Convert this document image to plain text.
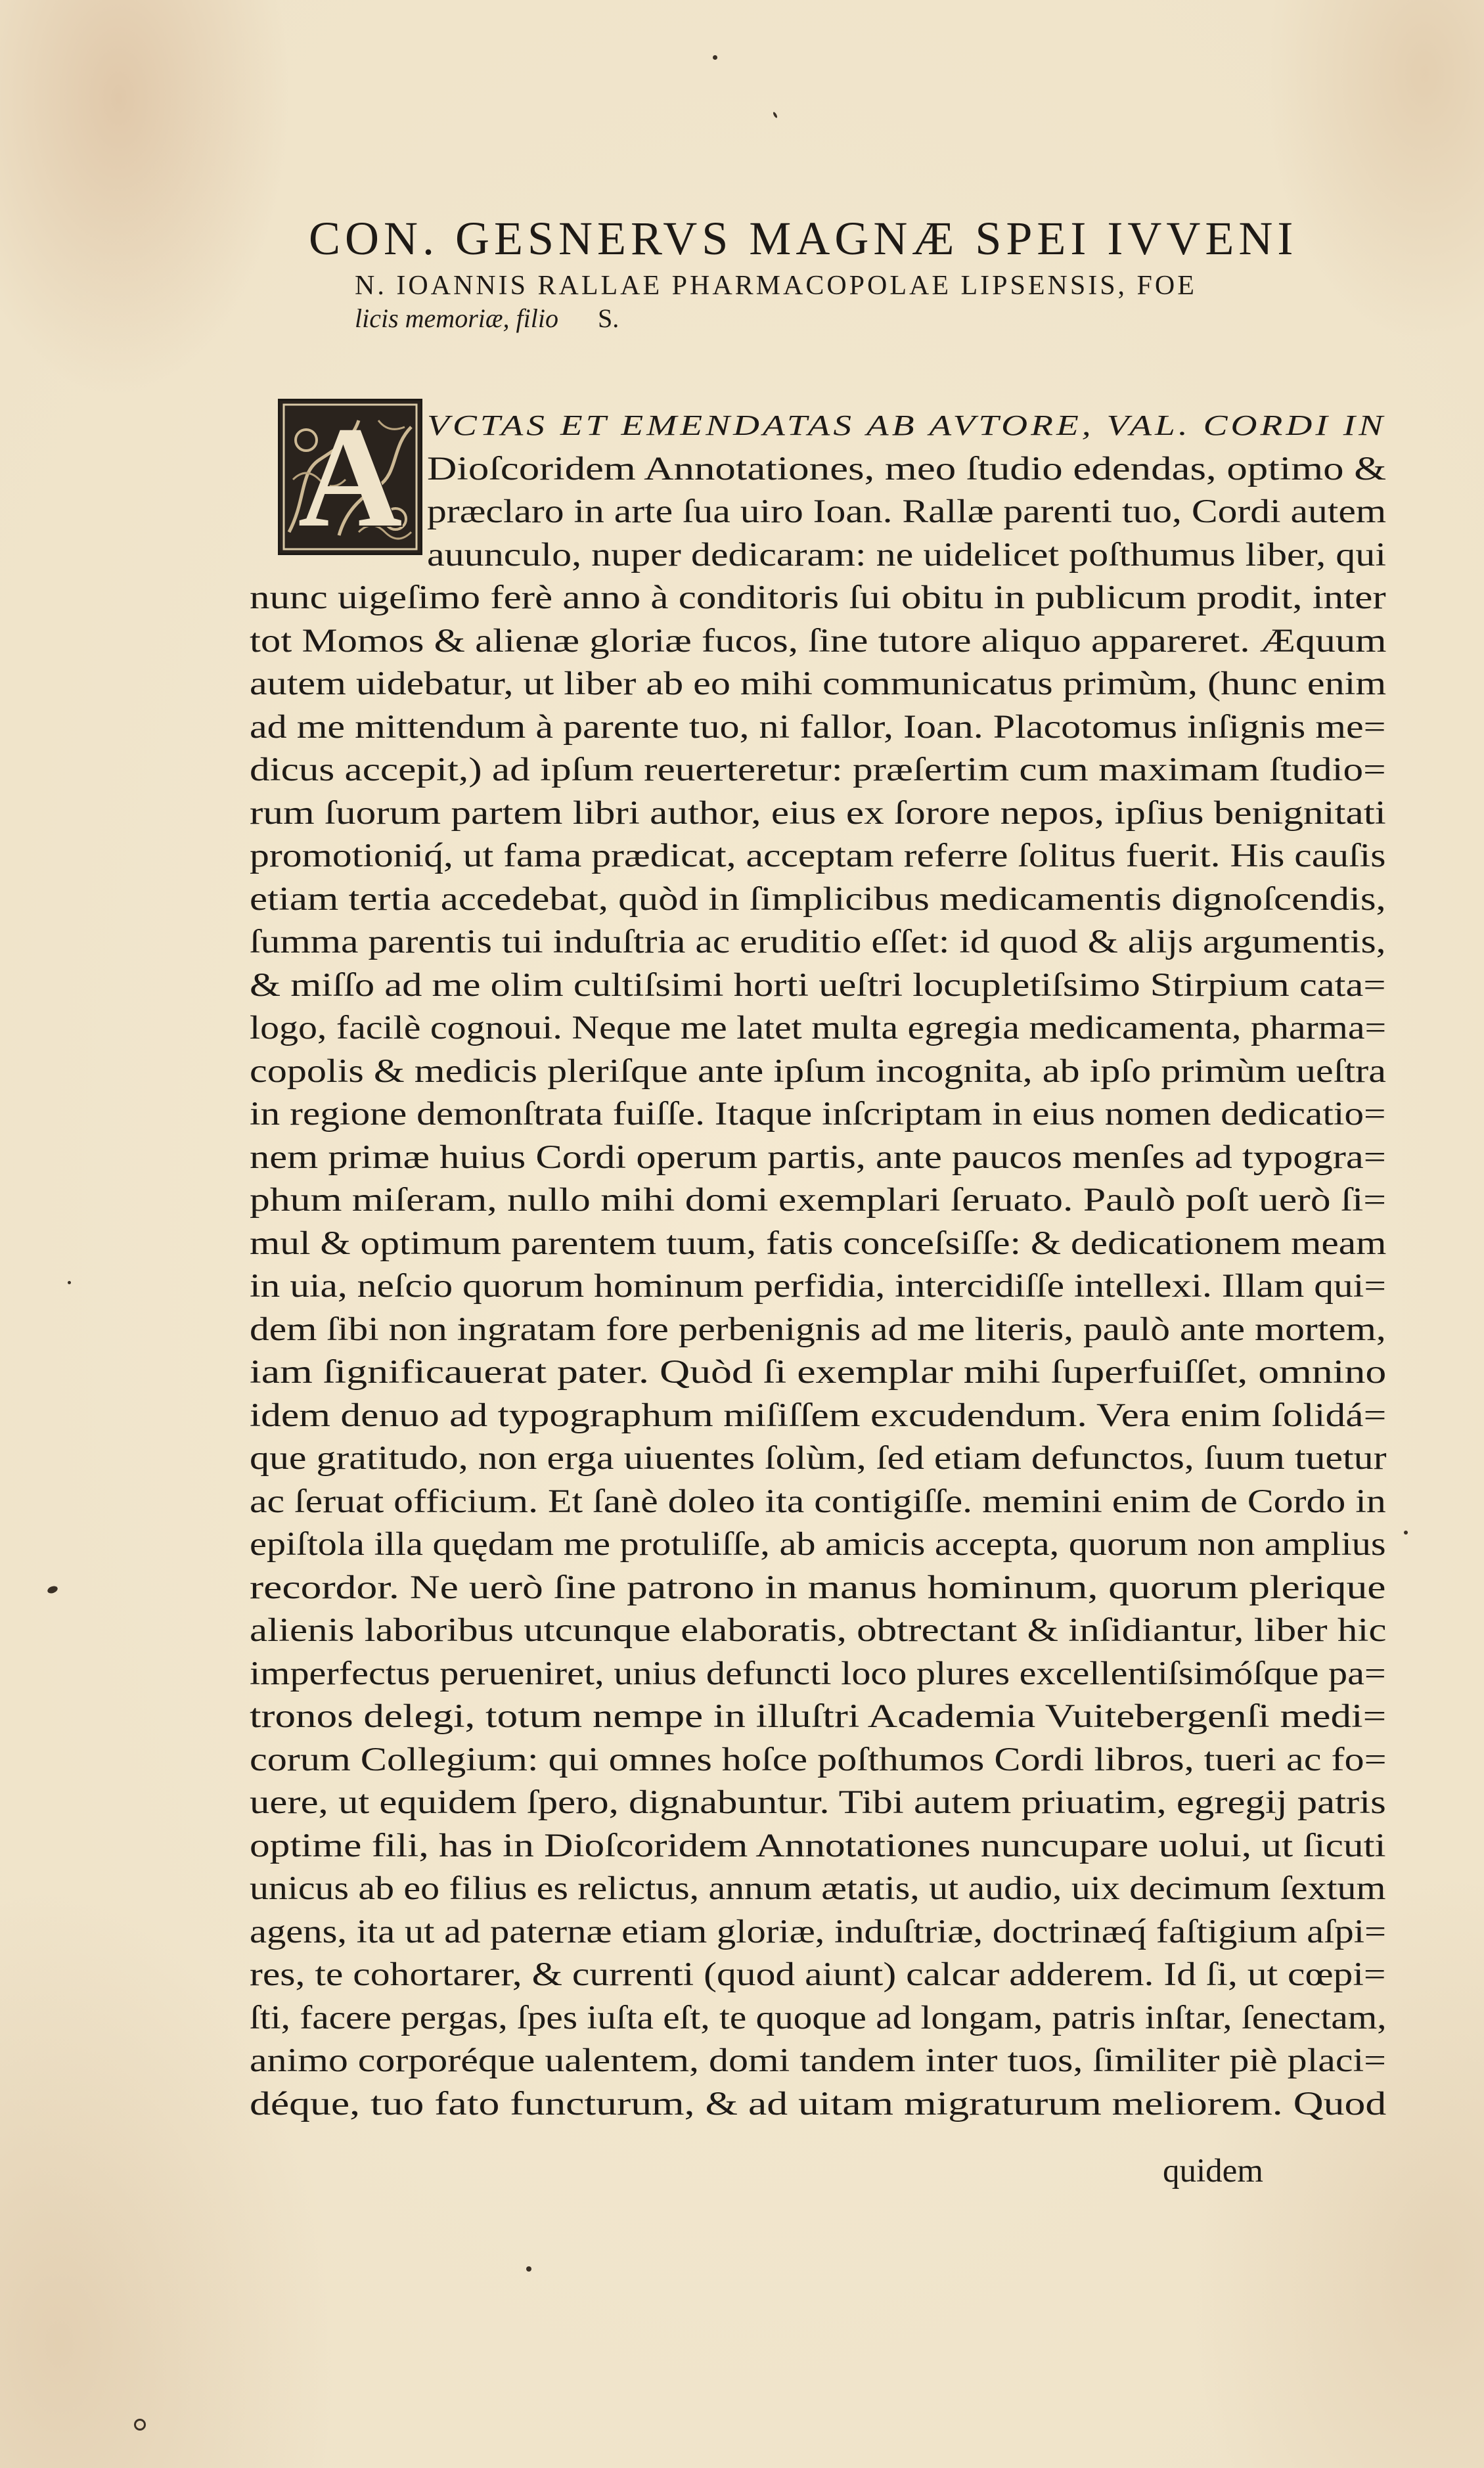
CON. GESNERVS MAGNÆ SPEI IVVENI
N. IOANNIS RALLAE PHARMACOPOLAE LIPSENSIS, FOE
licis memoriæ, filio S.
A VCTAS ET EMENDATAS AB AVTORE, VAL. CORDI IN
Dioſcoridem Annotationes, meo ſtudio edendas, optimo &
præclaro in arte ſua uiro Ioan. Rallæ parenti tuo, Cordi autem
auunculo, nuper dedicaram: ne uidelicet poſthumus liber, qui
nunc uigeſimo ferè anno à conditoris ſui obitu in publicum prodit, inter
tot Momos & alienæ gloriæ fucos, ſine tutore aliquo appareret. Æquum
autem uidebatur, ut liber ab eo mihi communicatus primùm, (hunc enim
ad me mittendum à parente tuo, ni fallor, Ioan. Placotomus inſignis me=
dicus accepit,) ad ipſum reuerteretur: præſertim cum maximam ſtudio=
rum ſuorum partem libri author, eius ex ſorore nepos, ipſius benignitati
promotioniq́, ut fama prædicat, acceptam referre ſolitus fuerit. His cauſis
etiam tertia accedebat, quòd in ſimplicibus medicamentis dignoſcendis,
ſumma parentis tui induſtria ac eruditio eſſet: id quod & alijs argumentis,
& miſſo ad me olim cultiſsimi horti ueſtri locupletiſsimo Stirpium cata=
logo, facilè cognoui. Neque me latet multa egregia medicamenta, pharma=
copolis & medicis pleriſque ante ipſum incognita, ab ipſo primùm ueſtra
in regione demonſtrata fuiſſe. Itaque inſcriptam in eius nomen dedicatio=
nem primæ huius Cordi operum partis, ante paucos menſes ad typogra=
phum miſeram, nullo mihi domi exemplari ſeruato. Paulò poſt uerò ſi=
mul & optimum parentem tuum, fatis conceſsiſſe: & dedicationem meam
in uia, neſcio quorum hominum perfidia, intercidiſſe intellexi. Illam qui=
dem ſibi non ingratam fore perbenignis ad me literis, paulò ante mortem,
iam ſignificauerat pater. Quòd ſi exemplar mihi ſuperfuiſſet, omnino
idem denuo ad typographum miſiſſem excudendum. Vera enim ſolidá=
que gratitudo, non erga uiuentes ſolùm, ſed etiam defunctos, ſuum tuetur
ac ſeruat officium. Et ſanè doleo ita contigiſſe. memini enim de Cordo in
epiſtola illa quędam me protuliſſe, ab amicis accepta, quorum non amplius
recordor. Ne uerò ſine patrono in manus hominum, quorum plerique
alienis laboribus utcunque elaboratis, obtrectant & inſidiantur, liber hic
imperfectus perueniret, unius defuncti loco plures excellentiſsimóſque pa=
tronos delegi, totum nempe in illuſtri Academia Vuitebergenſi medi=
corum Collegium: qui omnes hoſce poſthumos Cordi libros, tueri ac fo=
uere, ut equidem ſpero, dignabuntur. Tibi autem priuatim, egregij patris
optime fili, has in Dioſcoridem Annotationes nuncupare uolui, ut ſicuti
unicus ab eo filius es relictus, annum ætatis, ut audio, uix decimum ſextum
agens, ita ut ad paternæ etiam gloriæ, induſtriæ, doctrinæq́ faſtigium aſpi=
res, te cohortarer, & currenti (quod aiunt) calcar adderem. Id ſi, ut cœpi=
ſti, facere pergas, ſpes iuſta eſt, te quoque ad longam, patris inſtar, ſenectam,
animo corporéque ualentem, domi tandem inter tuos, ſimiliter piè placi=
déque, tuo fato functurum, & ad uitam migraturum meliorem. Quod
quidem
